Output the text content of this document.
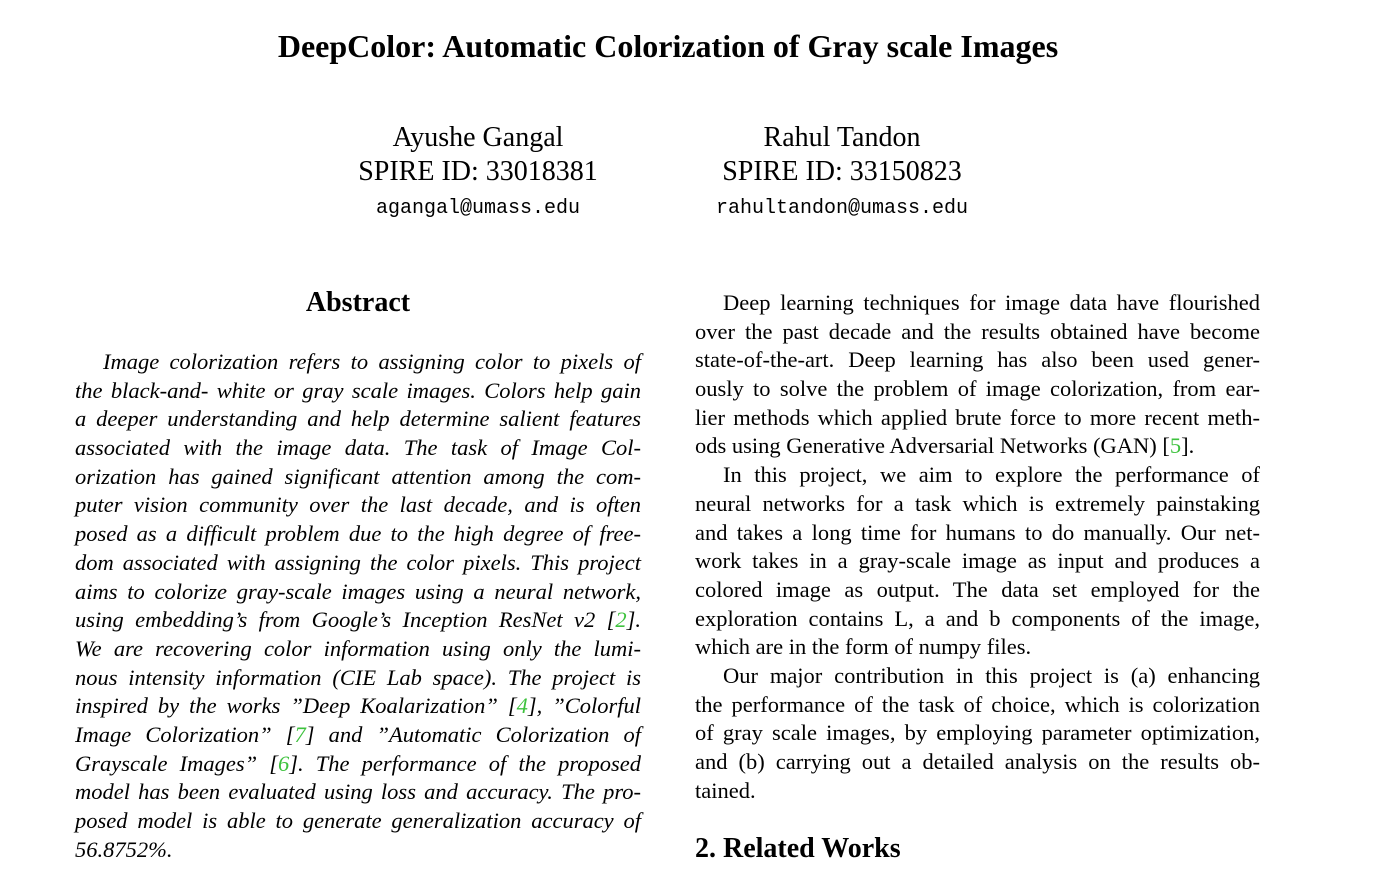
DeepColor: Automatic Colorization of Gray scale Images
Ayushe Gangal
SPIRE ID: 33018381
agangal@umass.edu
Rahul Tandon
SPIRE ID: 33150823
rahultandon@umass.edu
Abstract
Image colorization refers to assigning color to pixels of
the black-and- white or gray scale images. Colors help gain
a deeper understanding and help determine salient features
associated with the image data. The task of Image Col-
orization has gained significant attention among the com-
puter vision community over the last decade, and is often
posed as a difficult problem due to the high degree of free-
dom associated with assigning the color pixels. This project
aims to colorize gray-scale images using a neural network,
using embedding’s from Google’s Inception ResNet v2 [2].
We are recovering color information using only the lumi-
nous intensity information (CIE Lab space). The project is
inspired by the works ”Deep Koalarization” [4], ”Colorful
Image Colorization” [7] and ”Automatic Colorization of
Grayscale Images” [6]. The performance of the proposed
model has been evaluated using loss and accuracy. The pro-
posed model is able to generate generalization accuracy of
56.8752%.
Deep learning techniques for image data have flourished
over the past decade and the results obtained have become
state-of-the-art. Deep learning has also been used gener-
ously to solve the problem of image colorization, from ear-
lier methods which applied brute force to more recent meth-
ods using Generative Adversarial Networks (GAN) [5].
In this project, we aim to explore the performance of
neural networks for a task which is extremely painstaking
and takes a long time for humans to do manually. Our net-
work takes in a gray-scale image as input and produces a
colored image as output. The data set employed for the
exploration contains L, a and b components of the image,
which are in the form of numpy files.
Our major contribution in this project is (a) enhancing
the performance of the task of choice, which is colorization
of gray scale images, by employing parameter optimization,
and (b) carrying out a detailed analysis on the results ob-
tained.
2. Related Works
